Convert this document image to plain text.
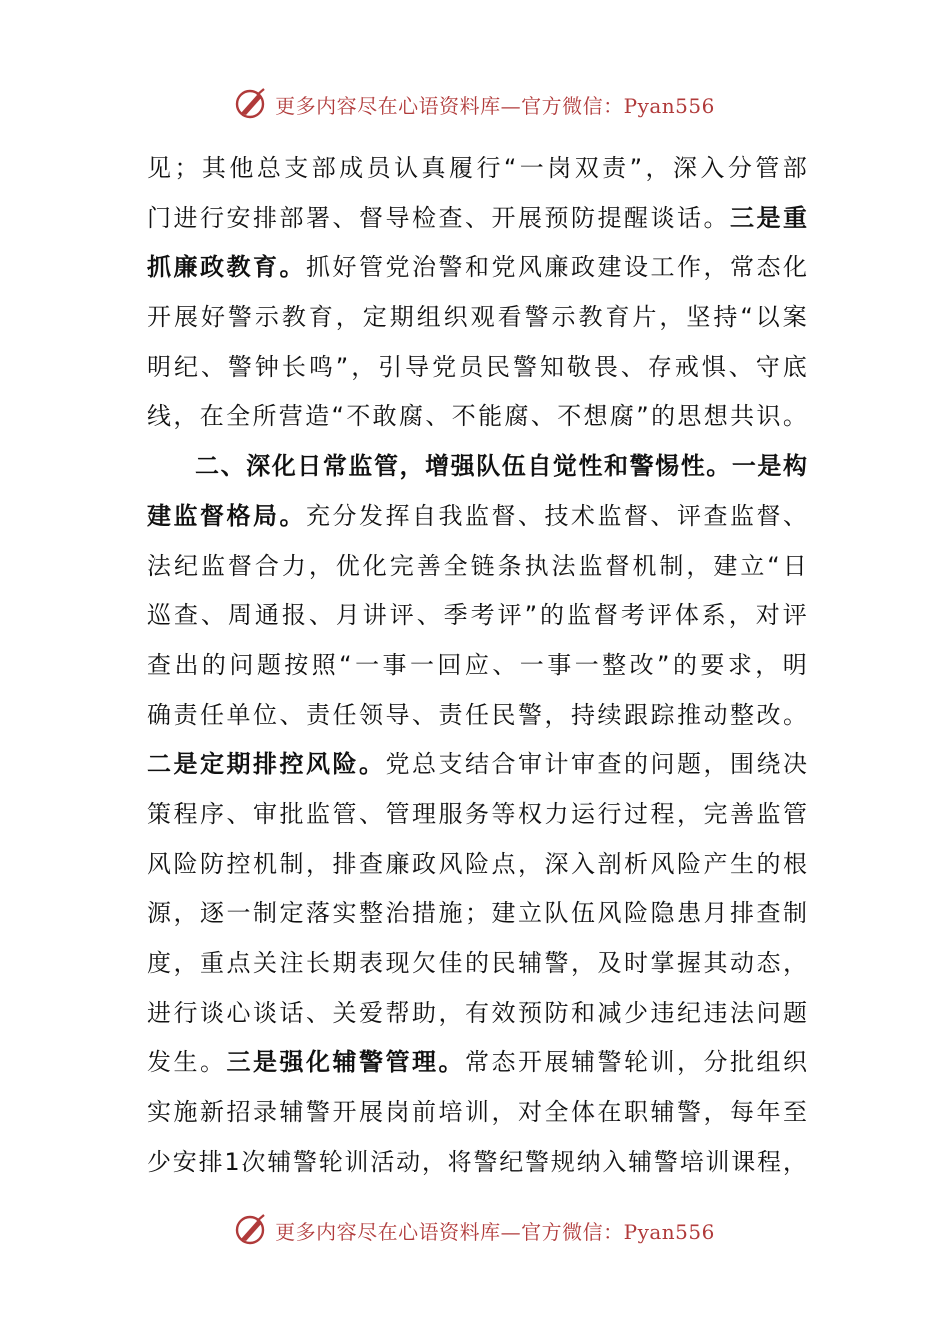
更多内容尽在心语资料库—官方微信：Pyan556
见 ； 其 他 总 支 部 成 员 认 真 履 行 “ 一 岗 双 责 ” ， 深 入 分 管 部
门 进 行 安 排 部 署 、 督 导 检 查 、 开 展 预 防 提 醒 谈 话 。 三 是 重
抓 廉 政 教 育 。 抓 好 管 党 治 警 和 党 风 廉 政 建 设 工 作 ， 常 态 化
开 展 好 警 示 教 育 ， 定 期 组 织 观 看 警 示 教 育 片 ， 坚 持 “ 以 案
明 纪 、 警 钟 长 鸣 ” ， 引 导 党 员 民 警 知 敬 畏 、 存 戒 惧 、 守 底
线 ， 在 全 所 营 造 “ 不 敢 腐 、 不 能 腐 、 不 想 腐 ” 的 思 想 共 识 。
二 、 深 化 日 常 监 管 ， 增 强 队 伍 自 觉 性 和 警 惕 性 。 一 是 构
建 监 督 格 局 。 充 分 发 挥 自 我 监 督 、 技 术 监 督 、 评 查 监 督 、
法 纪 监 督 合 力 ， 优 化 完 善 全 链 条 执 法 监 督 机 制 ， 建 立 “ 日
巡 查 、 周 通 报 、 月 讲 评 、 季 考 评 ” 的 监 督 考 评 体 系 ， 对 评
查 出 的 问 题 按 照 “ 一 事 一 回 应 、 一 事 一 整 改 ” 的 要 求 ， 明
确 责 任 单 位 、 责 任 领 导 、 责 任 民 警 ， 持 续 跟 踪 推 动 整 改 。
二 是 定 期 排 控 风 险 。 党 总 支 结 合 审 计 审 查 的 问 题 ， 围 绕 决
策 程 序 、 审 批 监 管 、 管 理 服 务 等 权 力 运 行 过 程 ， 完 善 监 管
风 险 防 控 机 制 ， 排 查 廉 政 风 险 点 ， 深 入 剖 析 风 险 产 生 的 根
源 ， 逐 一 制 定 落 实 整 治 措 施 ； 建 立 队 伍 风 险 隐 患 月 排 查 制
度 ， 重 点 关 注 长 期 表 现 欠 佳 的 民 辅 警 ， 及 时 掌 握 其 动 态 ，
进 行 谈 心 谈 话 、 关 爱 帮 助 ， 有 效 预 防 和 减 少 违 纪 违 法 问 题
发 生 。 三 是 强 化 辅 警 管 理 。 常 态 开 展 辅 警 轮 训 ， 分 批 组 织
实 施 新 招 录 辅 警 开 展 岗 前 培 训 ， 对 全 体 在 职 辅 警 ， 每 年 至
少 安 排 1 次 辅 警 轮 训 活 动 ， 将 警 纪 警 规 纳 入 辅 警 培 训 课 程 ，
更多内容尽在心语资料库—官方微信：Pyan556
